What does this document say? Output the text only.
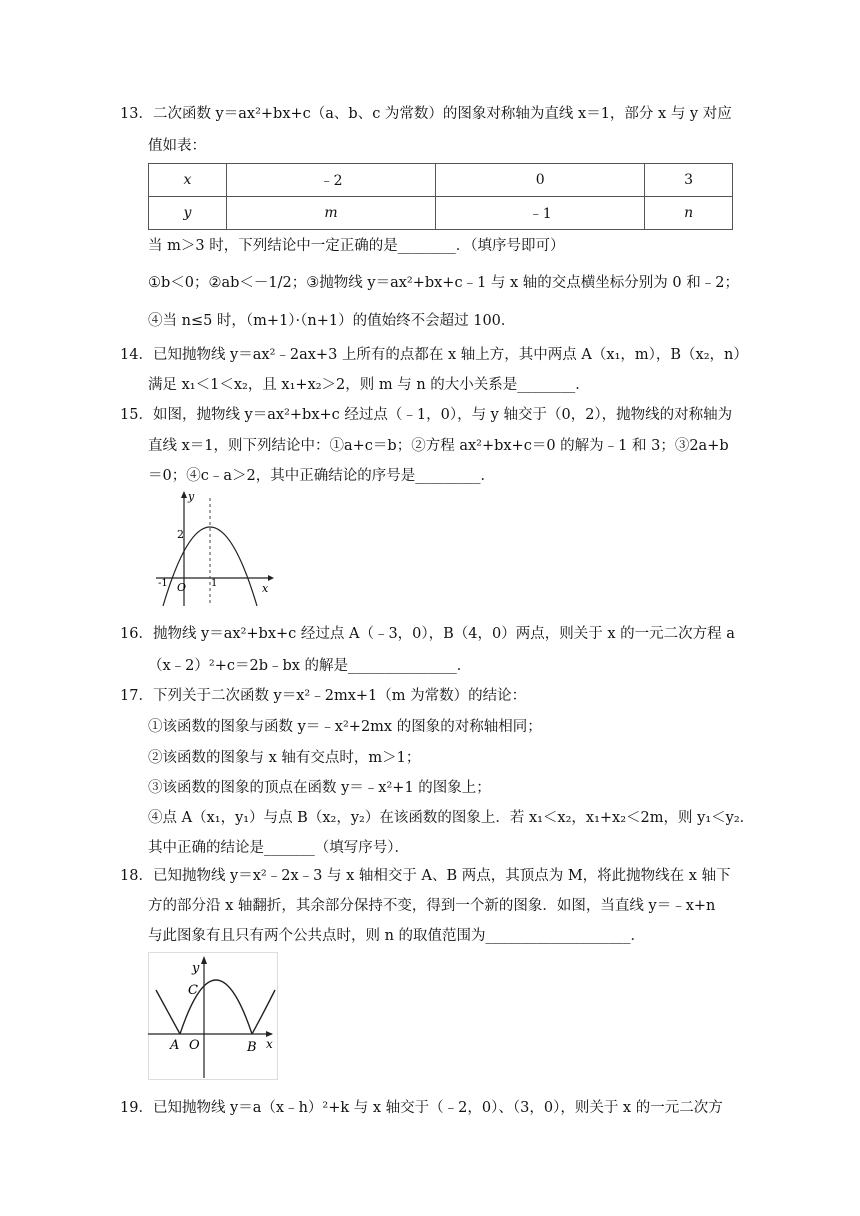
13．二次函数 y＝ax²+bx+c（a、b、c 为常数）的图象对称轴为直线 x＝1，部分 x 与 y 对应
值如表：
x	﹣2	0	3
y	m	﹣1	n
当 m＞3 时，下列结论中一定正确的是________．（填序号即可）
①b＜0；②ab＜－1/2；③抛物线 y＝ax²+bx+c﹣1 与 x 轴的交点横坐标分别为 0 和﹣2；
④当 n≤5 时，（m+1）·（n+1）的值始终不会超过 100．
14．已知抛物线 y＝ax²﹣2ax+3 上所有的点都在 x 轴上方，其中两点 A（x₁，m），B（x₂，n）
满足 x₁＜1＜x₂，且 x₁+x₂＞2，则 m 与 n 的大小关系是________．
15．如图，抛物线 y＝ax²+bx+c 经过点（﹣1，0），与 y 轴交于（0，2），抛物线的对称轴为
直线 x＝1，则下列结论中：①a+c＝b；②方程 ax²+bx+c＝0 的解为﹣1 和 3；③2a+b
＝0；④c﹣a＞2，其中正确结论的序号是_________．
y
x
2
-1 O 1
16．抛物线 y＝ax²+bx+c 经过点 A（﹣3，0），B（4，0）两点，则关于 x 的一元二次方程 a
（x﹣2）²+c＝2b﹣bx 的解是_______________．
17．下列关于二次函数 y＝x²﹣2mx+1（m 为常数）的结论：
①该函数的图象与函数 y＝﹣x²+2mx 的图象的对称轴相同；
②该函数的图象与 x 轴有交点时，m＞1；
③该函数的图象的顶点在函数 y＝﹣x²+1 的图象上；
④点 A（x₁，y₁）与点 B（x₂，y₂）在该函数的图象上．若 x₁＜x₂，x₁+x₂＜2m，则 y₁＜y₂．
其中正确的结论是_______（填写序号）．
18．已知抛物线 y＝x²﹣2x﹣3 与 x 轴相交于 A、B 两点，其顶点为 M，将此抛物线在 x 轴下
方的部分沿 x 轴翻折，其余部分保持不变，得到一个新的图象．如图，当直线 y＝﹣x+n
与此图象有且只有两个公共点时，则 n 的取值范围为____________________．
y
x
C
A O	B
19．已知抛物线 y＝a（x﹣h）²+k 与 x 轴交于（﹣2，0）、（3，0），则关于 x 的一元二次方
